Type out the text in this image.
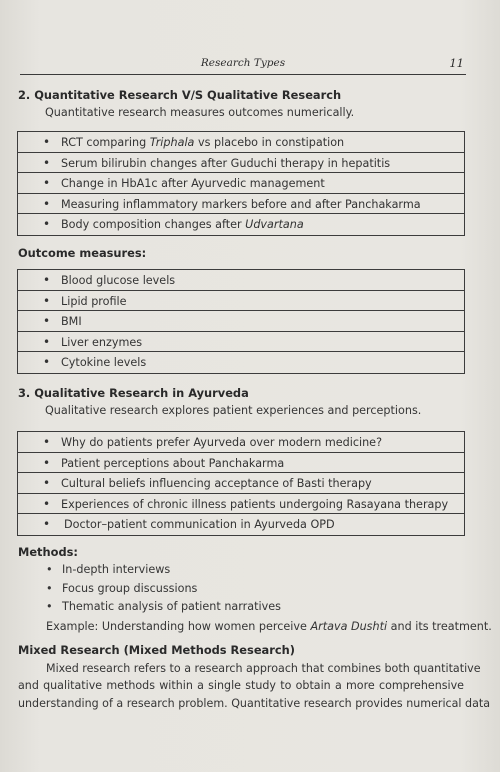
Research Types	11
2. Quantitative Research V/S Qualitative Research
Quantitative research measures outcomes numerically.
• RCT comparing Triphala vs placebo in constipation
• Serum bilirubin changes after Guduchi therapy in hepatitis
• Change in HbA1c after Ayurvedic management
• Measuring inflammatory markers before and after Panchakarma
• Body composition changes after Udvartana
Outcome measures:
• Blood glucose levels
• Lipid profile
• BMI
• Liver enzymes
• Cytokine levels
3. Qualitative Research in Ayurveda
Qualitative research explores patient experiences and perceptions.
• Why do patients prefer Ayurveda over modern medicine?
• Patient perceptions about Panchakarma
• Cultural beliefs influencing acceptance of Basti therapy
• Experiences of chronic illness patients undergoing Rasayana therapy
• Doctor–patient communication in Ayurveda OPD
Methods:
• In-depth interviews
• Focus group discussions
• Thematic analysis of patient narratives
Example: Understanding how women perceive Artava Dushti and its treatment.
Mixed Research (Mixed Methods Research)
Mixed research refers to a research approach that combines both quantitative
and qualitative methods within a single study to obtain a more comprehensive
understanding of a research problem. Quantitative research provides numerical data
